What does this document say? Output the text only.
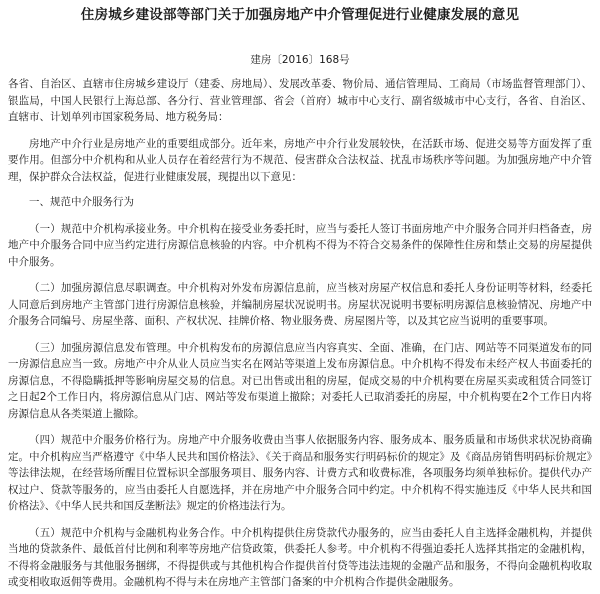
住房城乡建设部等部门关于加强房地产中介管理促进行业健康发展的意见
建房〔2016〕168号

各省、自治区、直辖市住房城乡建设厅（建委、房地局）、发展改革委、物价局、通信管理局、工商局（市场监督管理部门）、银监局，中国人民银行上海总部、各分行、营业管理部、省会（首府）城市中心支行、副省级城市中心支行，各省、自治区、直辖市、计划单列市国家税务局、地方税务局：

房地产中介行业是房地产业的重要组成部分。近年来，房地产中介行业发展较快，在活跃市场、促进交易等方面发挥了重要作用。但部分中介机构和从业人员存在着经营行为不规范、侵害群众合法权益、扰乱市场秩序等问题。为加强房地产中介管理，保护群众合法权益，促进行业健康发展，现提出以下意见：

一、规范中介服务行为

（一）规范中介机构承接业务。中介机构在接受业务委托时，应当与委托人签订书面房地产中介服务合同并归档备查，房地产中介服务合同中应当约定进行房源信息核验的内容。中介机构不得为不符合交易条件的保障性住房和禁止交易的房屋提供中介服务。

（二）加强房源信息尽职调查。中介机构对外发布房源信息前，应当核对房屋产权信息和委托人身份证明等材料，经委托人同意后到房地产主管部门进行房源信息核验，并编制房屋状况说明书。房屋状况说明书要标明房源信息核验情况、房地产中介服务合同编号、房屋坐落、面积、产权状况、挂牌价格、物业服务费、房屋图片等，以及其它应当说明的重要事项。

（三）加强房源信息发布管理。中介机构发布的房源信息应当内容真实、全面、准确，在门店、网站等不同渠道发布的同一房源信息应当一致。房地产中介从业人员应当实名在网站等渠道上发布房源信息。中介机构不得发布未经产权人书面委托的房源信息，不得隐瞒抵押等影响房屋交易的信息。对已出售或出租的房屋，促成交易的中介机构要在房屋买卖或租赁合同签订之日起2个工作日内，将房源信息从门店、网站等发布渠道上撤除；对委托人已取消委托的房屋，中介机构要在2个工作日内将房源信息从各类渠道上撤除。

（四）规范中介服务价格行为。房地产中介服务收费由当事人依据服务内容、服务成本、服务质量和市场供求状况协商确定。中介机构应当严格遵守《中华人民共和国价格法》、《关于商品和服务实行明码标价的规定》及《商品房销售明码标价规定》等法律法规，在经营场所醒目位置标识全部服务项目、服务内容、计费方式和收费标准，各项服务均须单独标价。提供代办产权过户、贷款等服务的，应当由委托人自愿选择，并在房地产中介服务合同中约定。中介机构不得实施违反《中华人民共和国价格法》、《中华人民共和国反垄断法》规定的价格违法行为。

（五）规范中介机构与金融机构业务合作。中介机构提供住房贷款代办服务的，应当由委托人自主选择金融机构，并提供当地的贷款条件、最低首付比例和利率等房地产信贷政策，供委托人参考。中介机构不得强迫委托人选择其指定的金融机构，不得将金融服务与其他服务捆绑，不得提供或与其他机构合作提供首付贷等违法违规的金融产品和服务，不得向金融机构收取或变相收取返佣等费用。金融机构不得与未在房地产主管部门备案的中介机构合作提供金融服务。
